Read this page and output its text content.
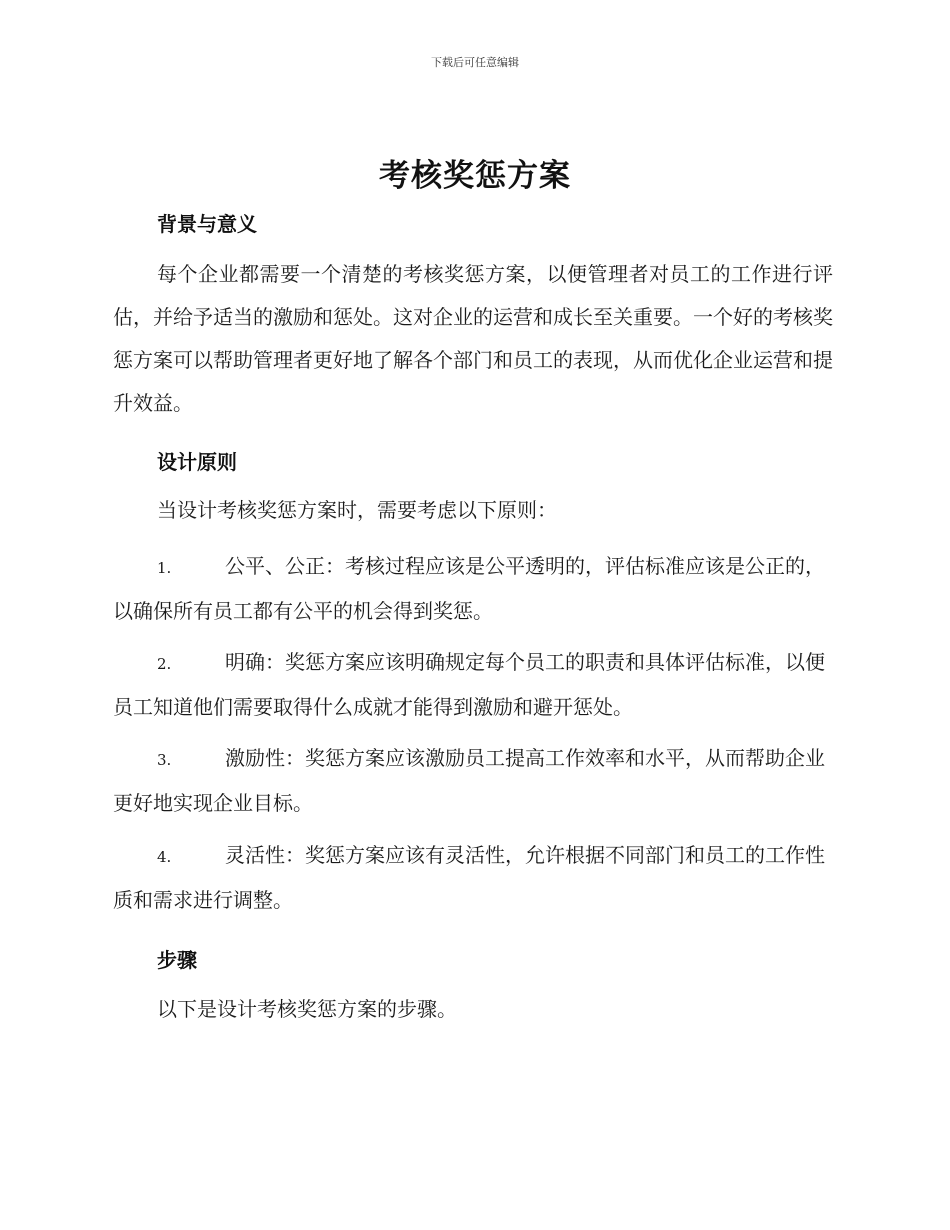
下载后可任意编辑
考核奖惩方案
背景与意义

每个企业都需要一个清楚的考核奖惩方案，以便管理者对员工的工作进行评估，并给予适当的激励和惩处。这对企业的运营和成长至关重要。一个好的考核奖惩方案可以帮助管理者更好地了解各个部门和员工的表现，从而优化企业运营和提升效益。

设计原则

当设计考核奖惩方案时，需要考虑以下原则：

1.	公平、公正：考核过程应该是公平透明的，评估标准应该是公正的，以确保所有员工都有公平的机会得到奖惩。

2.	明确：奖惩方案应该明确规定每个员工的职责和具体评估标准，以便员工知道他们需要取得什么成就才能得到激励和避开惩处。

3.	激励性：奖惩方案应该激励员工提高工作效率和水平，从而帮助企业更好地实现企业目标。

4.	灵活性：奖惩方案应该有灵活性，允许根据不同部门和员工的工作性质和需求进行调整。

步骤

以下是设计考核奖惩方案的步骤。
